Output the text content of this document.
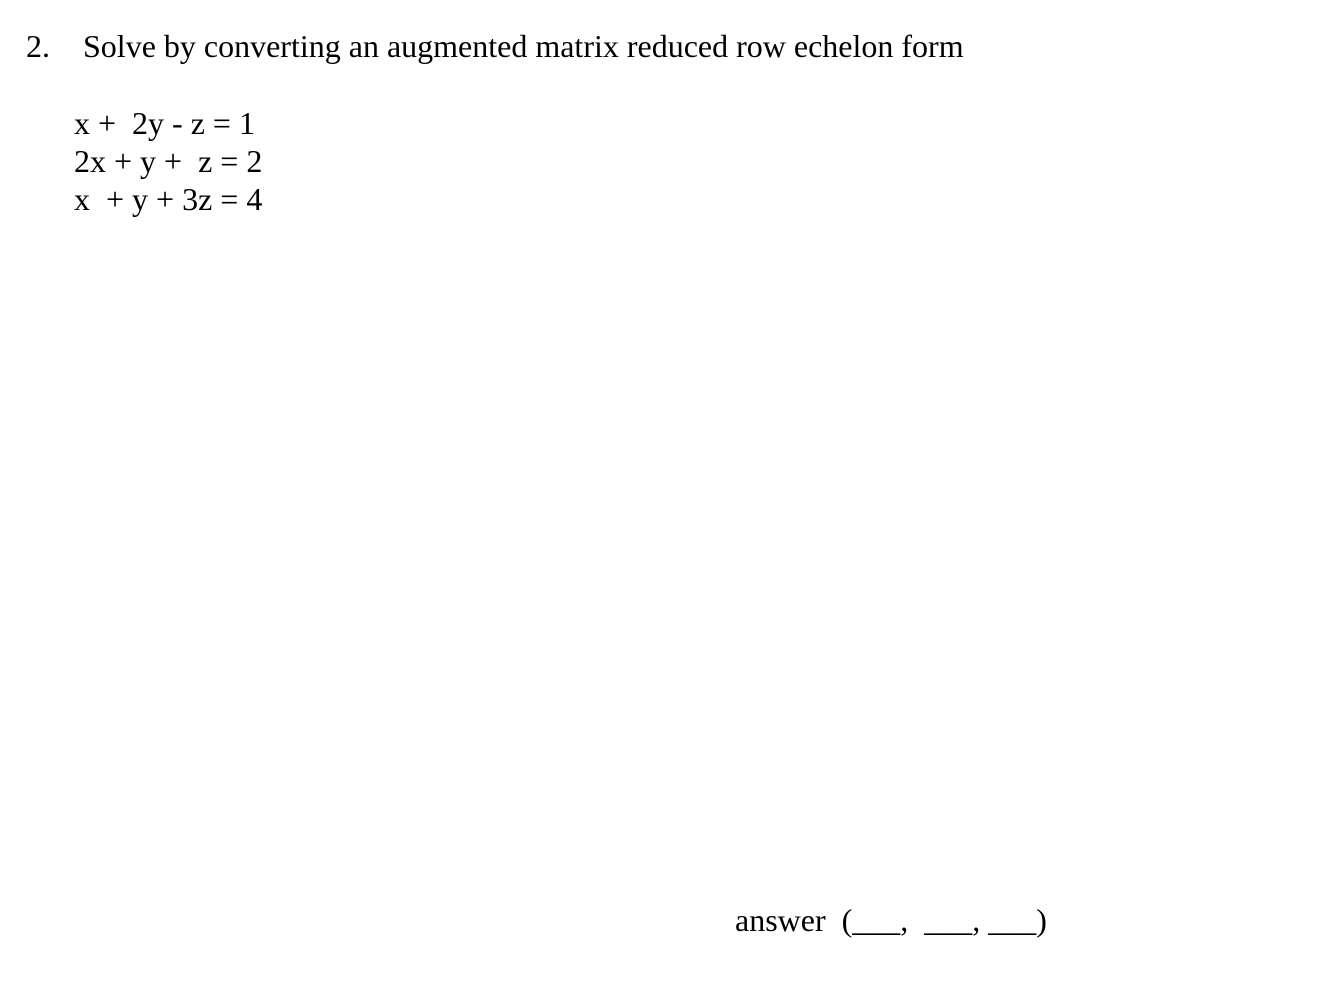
2. Solve by converting an augmented matrix reduced row echelon form
x +  2y - z = 1
2x + y +  z = 2
x  + y + 3z = 4
answer (___,  ___, ___)
